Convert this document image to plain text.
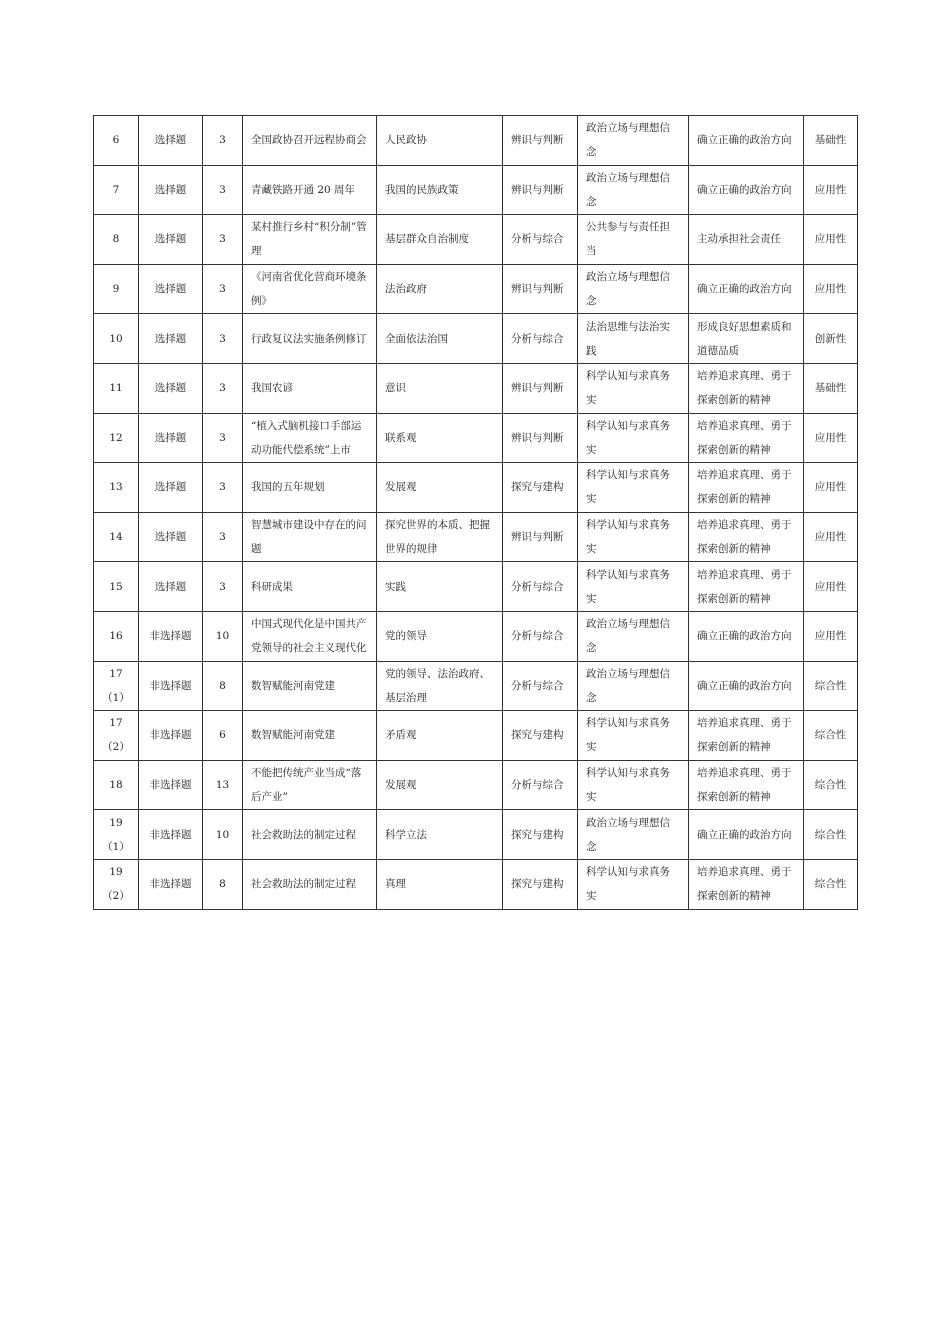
6	选择题	3	全国政协召开远程协商会	人民政协	辨识与判断	政治立场与理想信念	确立正确的政治方向	基础性
7	选择题	3	青藏铁路开通 20 周年	我国的民族政策	辨识与判断	政治立场与理想信念	确立正确的政治方向	应用性
8	选择题	3	某村推行乡村“积分制”管理	基层群众自治制度	分析与综合	公共参与与责任担当	主动承担社会责任	应用性
9	选择题	3	《河南省优化营商环境条例》	法治政府	辨识与判断	政治立场与理想信念	确立正确的政治方向	应用性
10	选择题	3	行政复议法实施条例修订	全面依法治国	分析与综合	法治思维与法治实践	形成良好思想素质和道德品质	创新性
11	选择题	3	我国农谚	意识	辨识与判断	科学认知与求真务实	培养追求真理、勇于探索创新的精神	基础性
12	选择题	3	“植入式脑机接口手部运动功能代偿系统”上市	联系观	辨识与判断	科学认知与求真务实	培养追求真理、勇于探索创新的精神	应用性
13	选择题	3	我国的五年规划	发展观	探究与建构	科学认知与求真务实	培养追求真理、勇于探索创新的精神	应用性
14	选择题	3	智慧城市建设中存在的问题	探究世界的本质、把握世界的规律	辨识与判断	科学认知与求真务实	培养追求真理、勇于探索创新的精神	应用性
15	选择题	3	科研成果	实践	分析与综合	科学认知与求真务实	培养追求真理、勇于探索创新的精神	应用性
16	非选择题	10	中国式现代化是中国共产党领导的社会主义现代化	党的领导	分析与综合	政治立场与理想信念	确立正确的政治方向	应用性
17（1）	非选择题	8	数智赋能河南党建	党的领导、法治政府、基层治理	分析与综合	政治立场与理想信念	确立正确的政治方向	综合性
17（2）	非选择题	6	数智赋能河南党建	矛盾观	探究与建构	科学认知与求真务实	培养追求真理、勇于探索创新的精神	综合性
18	非选择题	13	不能把传统产业当成“落后产业”	发展观	分析与综合	科学认知与求真务实	培养追求真理、勇于探索创新的精神	综合性
19（1）	非选择题	10	社会救助法的制定过程	科学立法	探究与建构	政治立场与理想信念	确立正确的政治方向	综合性
19（2）	非选择题	8	社会救助法的制定过程	真理	探究与建构	科学认知与求真务实	培养追求真理、勇于探索创新的精神	综合性
